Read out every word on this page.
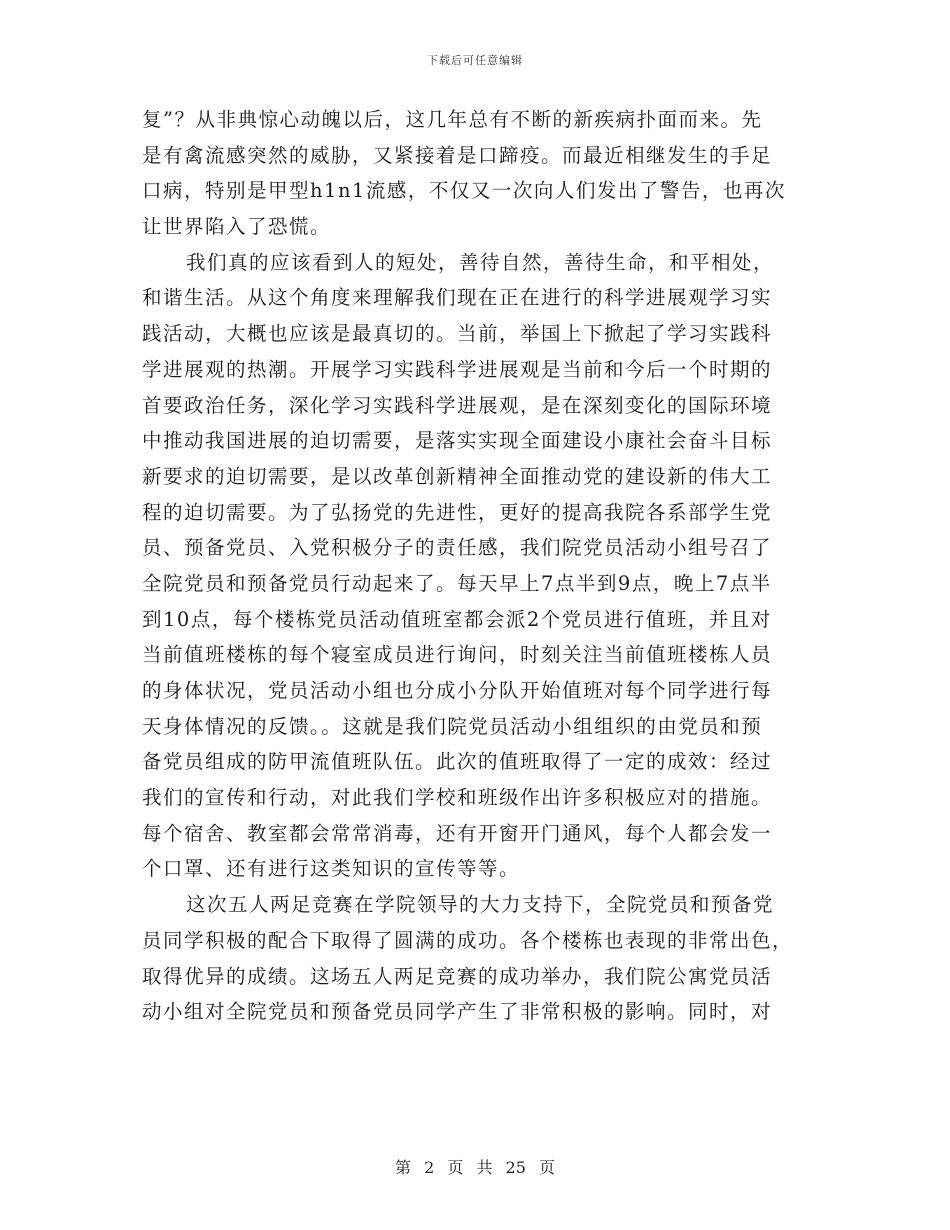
下载后可任意编辑
复”？从非典惊心动魄以后，这几年总有不断的新疾病扑面而来。先
是有禽流感突然的威胁，又紧接着是口蹄疫。而最近相继发生的手足
口病，特别是甲型h1n1流感，不仅又一次向人们发出了警告，也再次
让世界陷入了恐慌。
我们真的应该看到人的短处，善待自然，善待生命，和平相处，
和谐生活。从这个角度来理解我们现在正在进行的科学进展观学习实
践活动，大概也应该是最真切的。当前，举国上下掀起了学习实践科
学进展观的热潮。开展学习实践科学进展观是当前和今后一个时期的
首要政治任务，深化学习实践科学进展观，是在深刻变化的国际环境
中推动我国进展的迫切需要，是落实实现全面建设小康社会奋斗目标
新要求的迫切需要，是以改革创新精神全面推动党的建设新的伟大工
程的迫切需要。为了弘扬党的先进性，更好的提高我院各系部学生党
员、预备党员、入党积极分子的责任感，我们院党员活动小组号召了
全院党员和预备党员行动起来了。每天早上7点半到9点，晚上7点半
到10点，每个楼栋党员活动值班室都会派2个党员进行值班，并且对
当前值班楼栋的每个寝室成员进行询问，时刻关注当前值班楼栋人员
的身体状况，党员活动小组也分成小分队开始值班对每个同学进行每
天身体情况的反馈。。这就是我们院党员活动小组组织的由党员和预
备党员组成的防甲流值班队伍。此次的值班取得了一定的成效：经过
我们的宣传和行动，对此我们学校和班级作出许多积极应对的措施。
每个宿舍、教室都会常常消毒，还有开窗开门通风，每个人都会发一
个口罩、还有进行这类知识的宣传等等。
这次五人两足竞赛在学院领导的大力支持下，全院党员和预备党
员同学积极的配合下取得了圆满的成功。各个楼栋也表现的非常出色，
取得优异的成绩。这场五人两足竞赛的成功举办，我们院公寓党员活
动小组对全院党员和预备党员同学产生了非常积极的影响。同时，对
第 2 页 共 25 页
